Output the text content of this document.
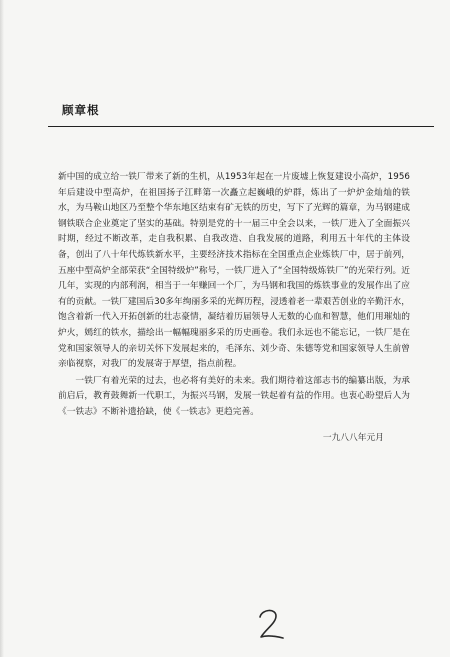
顾章根

新中国的成立给一铁厂带来了新的生机，从1953年起在一片废墟上恢复建设小高炉，1956年后建设中型高炉，在祖国扬子江畔第一次矗立起巍峨的炉群，炼出了一炉炉金灿灿的铁水，为马鞍山地区乃至整个华东地区结束有矿无铁的历史，写下了光辉的篇章，为马钢建成钢铁联合企业奠定了坚实的基础。特别是党的十一届三中全会以来，一铁厂进入了全面振兴时期，经过不断改革，走自我积累、自我改造、自我发展的道路，利用五十年代的主体设备，创出了八十年代炼铁新水平，主要经济技术指标在全国重点企业炼铁厂中，居于前列，五座中型高炉全部荣获“全国特级炉”称号，一铁厂进入了“全国特级炼铁厂”的光荣行列。近几年，实现的内部利润，相当于一年赚回一个厂，为马钢和我国的炼铁事业的发展作出了应有的贡献。一铁厂建国后30多年绚丽多采的光辉历程，浸透着老一辈艰苦创业的辛勤汗水，饱含着新一代入开拓创新的壮志豪情，凝结着历届领导人无数的心血和智慧，他们用璀灿的炉火，嫣红的铁水，描绘出一幅幅瑰丽多采的历史画卷。我们永远也不能忘记，一铁厂是在党和国家领导人的亲切关怀下发展起来的，毛泽东、刘少奇、朱德等党和国家领导人生前曾亲临视察，对我厂的发展寄于厚望，指点前程。

一铁厂有着光荣的过去，也必将有美好的未来。我们期待着这部志书的编纂出版，为承前启后，教育鼓舞新一代职工，为振兴马钢，发展一铁起着有益的作用。也衷心盼望后人为《一铁志》不断补遗拾缺，使《一铁志》更趋完善。

一九八八年元月
